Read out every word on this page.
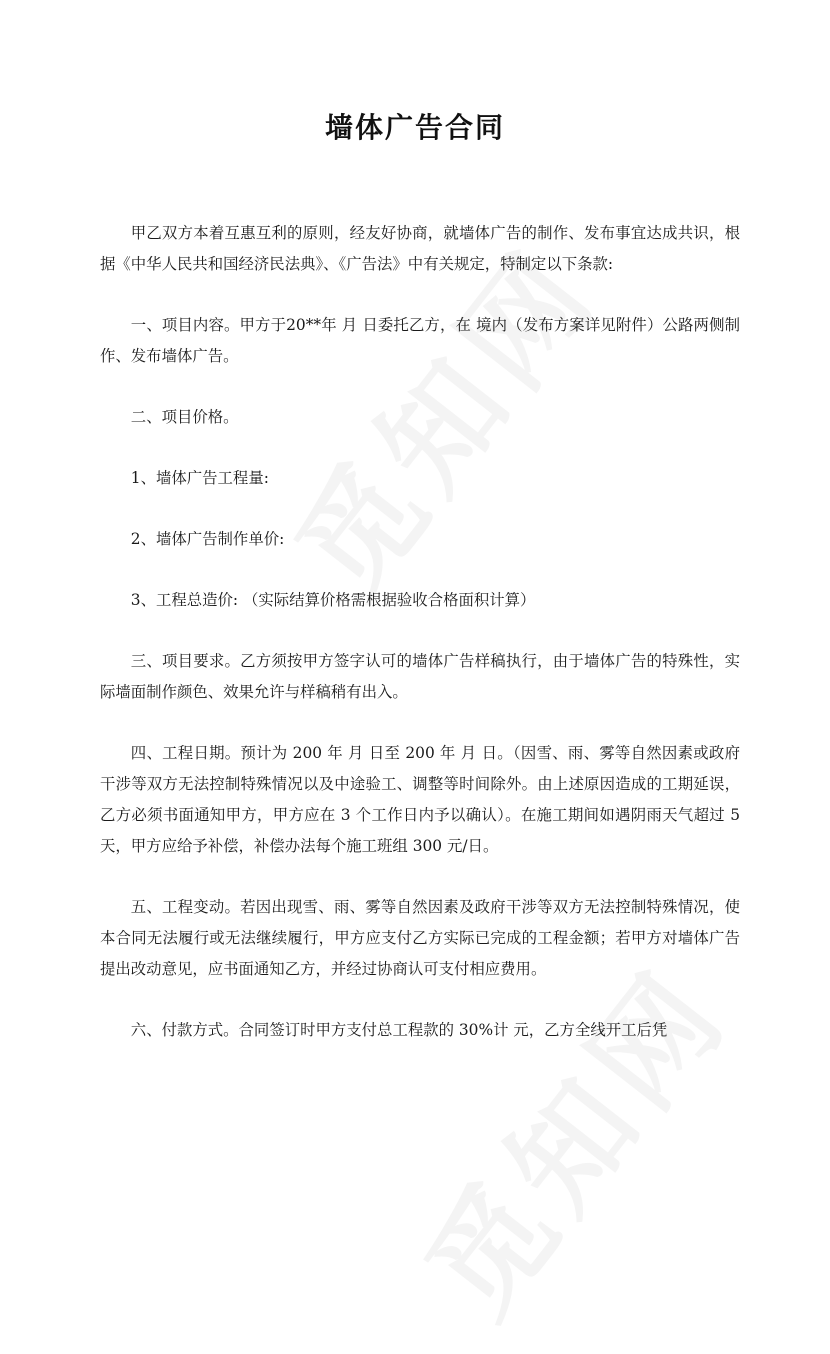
墙体广告合同

甲乙双方本着互惠互利的原则，经友好协商，就墙体广告的制作、发布事宜达成共识，根据《中华人民共和国经济民法典》、《广告法》中有关规定，特制定以下条款:

一、项目内容。甲方于20**年 月 日委托乙方，在 境内（发布方案详见附件）公路两侧制作、发布墙体广告。

二、项目价格。

1、墙体广告工程量:

2、墙体广告制作单价:

3、工程总造价: （实际结算价格需根据验收合格面积计算）

三、项目要求。乙方须按甲方签字认可的墙体广告样稿执行，由于墙体广告的特殊性，实际墙面制作颜色、效果允许与样稿稍有出入。

四、工程日期。预计为 200 年 月 日至 200 年 月 日。（因雪、雨、雾等自然因素或政府干涉等双方无法控制特殊情况以及中途验工、调整等时间除外。由上述原因造成的工期延误，乙方必须书面通知甲方，甲方应在 3 个工作日内予以确认）。在施工期间如遇阴雨天气超过 5 天，甲方应给予补偿，补偿办法每个施工班组 300 元/日。

五、工程变动。若因出现雪、雨、雾等自然因素及政府干涉等双方无法控制特殊情况，使本合同无法履行或无法继续履行，甲方应支付乙方实际已完成的工程金额；若甲方对墙体广告提出改动意见，应书面通知乙方，并经过协商认可支付相应费用。

六、付款方式。合同签订时甲方支付总工程款的 30%计 元，乙方全线开工后凭
